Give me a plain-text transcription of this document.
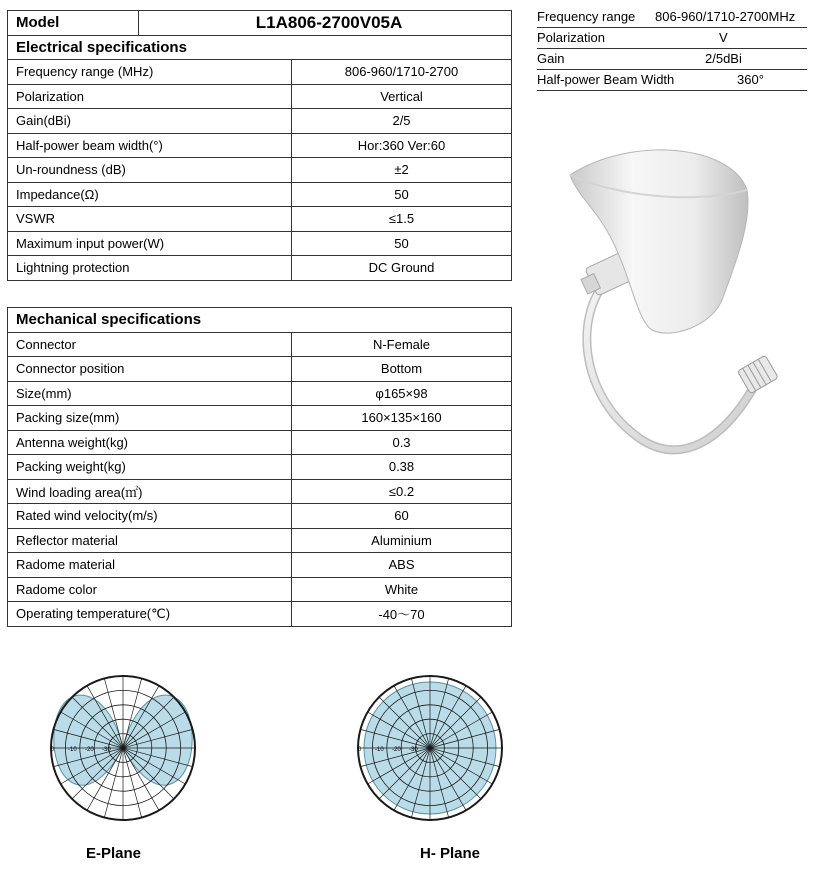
Model	L1A806-2700V05A	
Electrical specifications		
Frequency range (MHz)		806-960/1710-2700
Polarization		Vertical
Gain(dBi)		2/5
Half-power beam width(°)		Hor:360 Ver:60
Un-roundness (dB)		±2
Impedance(Ω)		50
VSWR		≤1.5
Maximum input power(W)		50
Lightning protection		DC Ground
Mechanical specifications	
Connector	N-Female
Connector position	Bottom
Size(mm)	φ165×98
Packing size(mm)	160×135×160
Antenna weight(kg)	0.3
Packing weight(kg)	0.38
Wind loading area(㎡)	≤0.2
Rated wind velocity(m/s)	60
Reflector material	Aluminium
Radome material	ABS
Radome color	White
Operating temperature(℃)	-40～70
Frequency range 806-960/1710-2700MHz
Polarization	V
Gain	2/5dBi
Half-power Beam Width	360°
0 -10 -20 -30	0 -10 -20 -30
E-Plane	H- Plane
